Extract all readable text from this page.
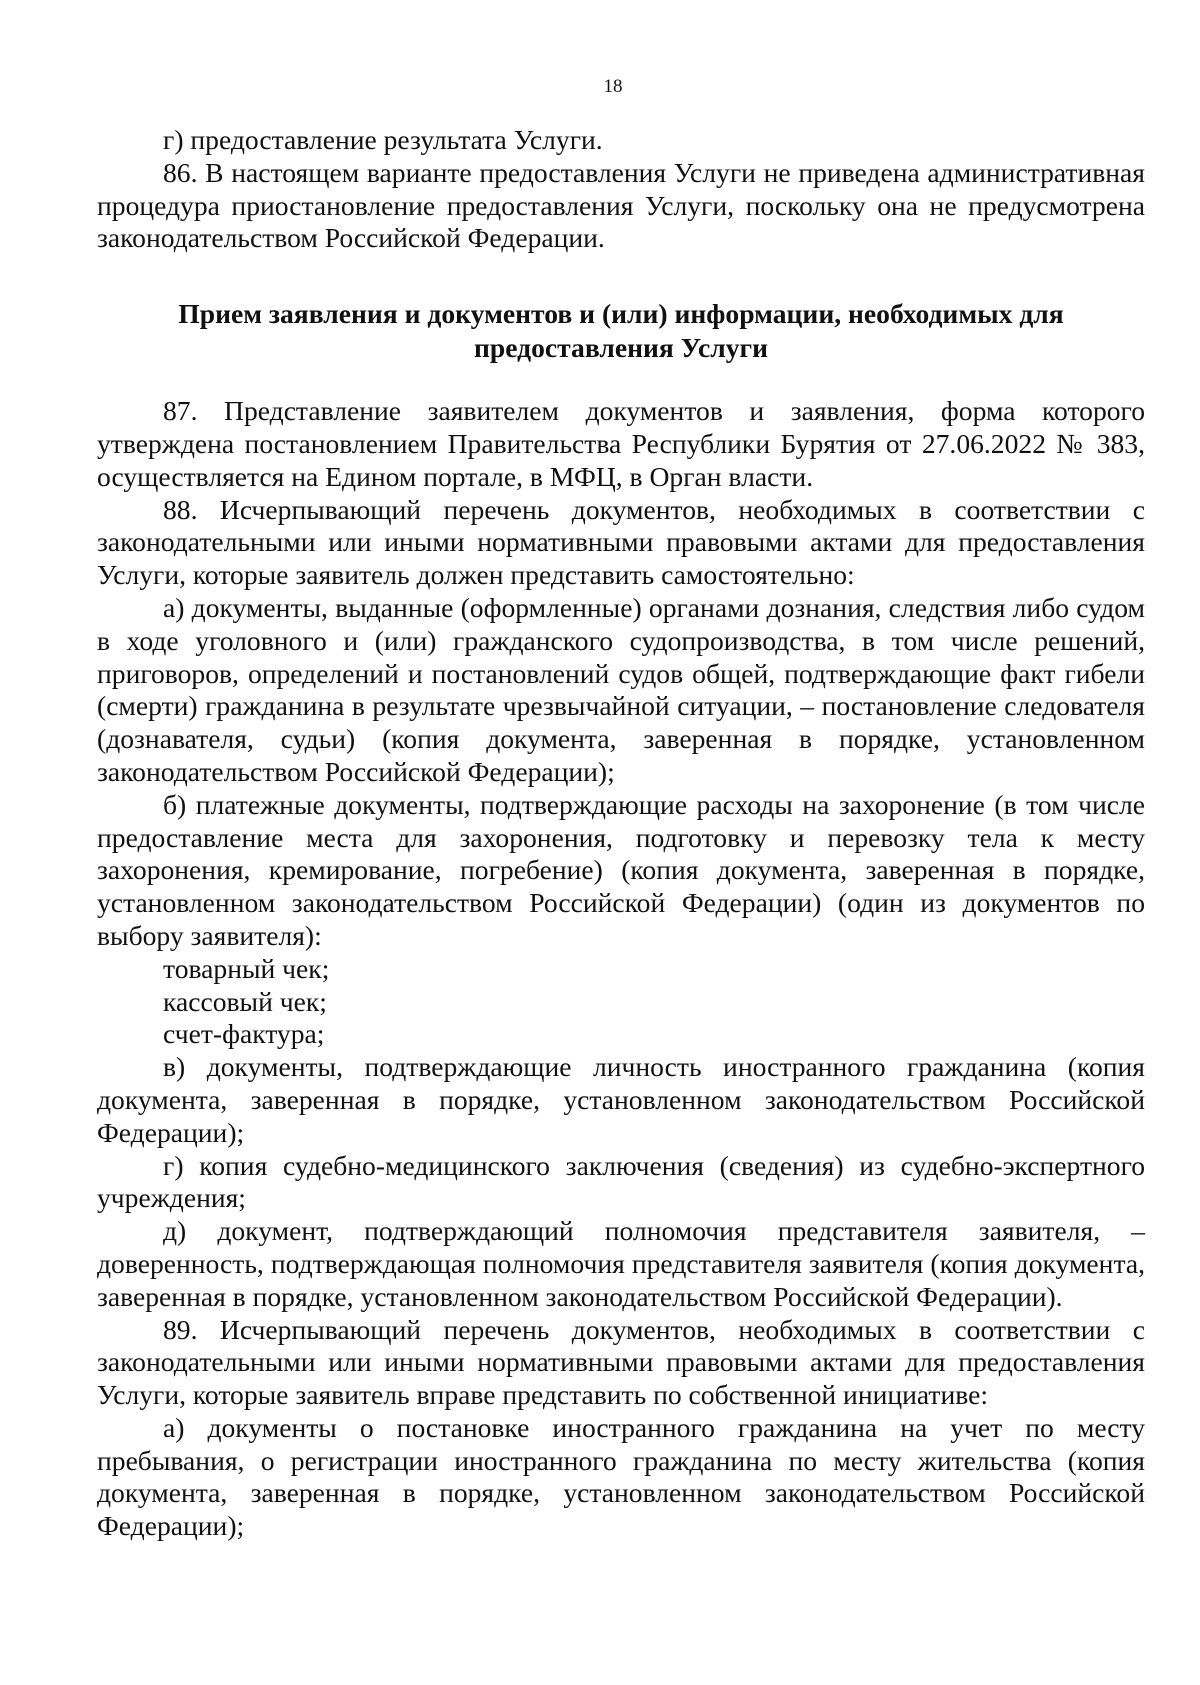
18

г) предоставление результата Услуги.

86. В настоящем варианте предоставления Услуги не приведена административная процедура приостановление предоставления Услуги, поскольку она не предусмотрена законодательством Российской Федерации.

Прием заявления и документов и (или) информации, необходимых для предоставления Услуги

87. Представление заявителем документов и заявления, форма которого утверждена постановлением Правительства Республики Бурятия от 27.06.2022 № 383, осуществляется на Едином портале, в МФЦ, в Орган власти.

88. Исчерпывающий перечень документов, необходимых в соответствии с законодательными или иными нормативными правовыми актами для предоставления Услуги, которые заявитель должен представить самостоятельно:

а) документы, выданные (оформленные) органами дознания, следствия либо судом в ходе уголовного и (или) гражданского судопроизводства, в том числе решений, приговоров, определений и постановлений судов общей, подтверждающие факт гибели (смерти) гражданина в результате чрезвычайной ситуации, – постановление следователя (дознавателя, судьи) (копия документа, заверенная в порядке, установленном законодательством Российской Федерации);

б) платежные документы, подтверждающие расходы на захоронение (в том числе предоставление места для захоронения, подготовку и перевозку тела к месту захоронения, кремирование, погребение) (копия документа, заверенная в порядке, установленном законодательством Российской Федерации) (один из документов по выбору заявителя):

товарный чек;

кассовый чек;

счет-фактура;

в) документы, подтверждающие личность иностранного гражданина (копия документа, заверенная в порядке, установленном законодательством Российской Федерации);

г) копия судебно-медицинского заключения (сведения) из судебно-экспертного учреждения;

д) документ, подтверждающий полномочия представителя заявителя, – доверенность, подтверждающая полномочия представителя заявителя (копия документа, заверенная в порядке, установленном законодательством Российской Федерации).

89. Исчерпывающий перечень документов, необходимых в соответствии с законодательными или иными нормативными правовыми актами для предоставления Услуги, которые заявитель вправе представить по собственной инициативе:

а) документы о постановке иностранного гражданина на учет по месту пребывания, о регистрации иностранного гражданина по месту жительства (копия документа, заверенная в порядке, установленном законодательством Российской Федерации);
